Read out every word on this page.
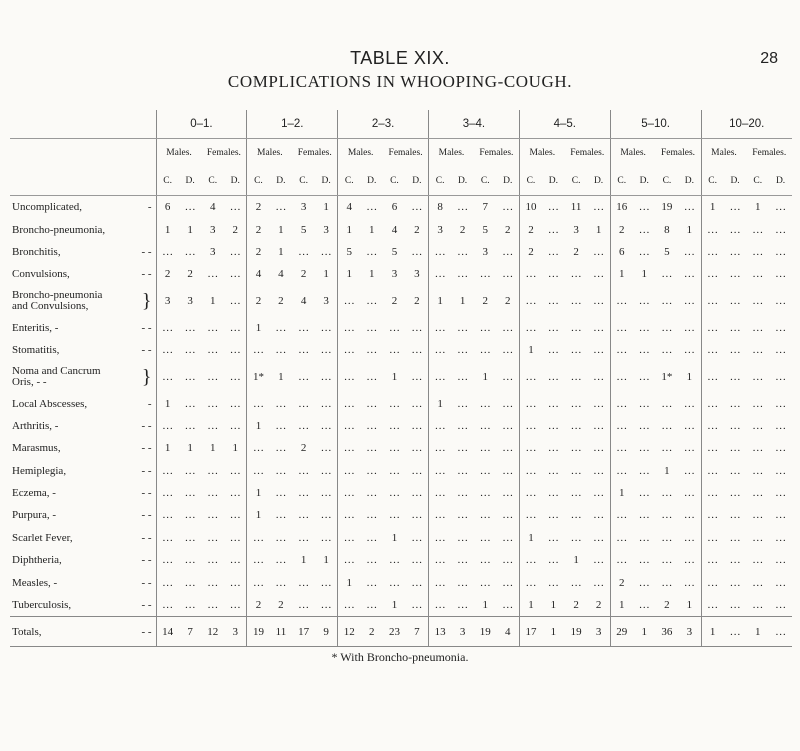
TABLE XIX.	28
COMPLICATIONS IN WHOOPING-COUGH.
	0–1.				1–2.				2–3.				3–4.				4–5.				5–10.				10–20.			
	Males.		Females.		Males.		Females.		Males.		Females.		Males.		Females.		Males.		Females.		Males.		Females.		Males.		Females.	
	C.	D.	C.	D.	C.	D.	C.	D.	C.	D.	C.	D.	C.	D.	C.	D.	C.	D.	C.	D.	C.	D.	C.	D.	C.	D.	C.	D.

Uncomplicated, -	6	…	4	…	2	…	3	1	4	…	6	…	8	…	7	…	10	…	11	…	16	…	19	…	1	…	1	…

Broncho-pneumonia,	1	1	3	2	2	1	5	3	1	1	4	2	3	2	5	2	2	…	3	1	2	…	8	1	…	…	…	…

Bronchitis, - -	…	…	3	…	2	1	…	…	5	…	5	…	…	…	3	…	2	…	2	…	6	…	5	…	…	…	…	…

Convulsions, - -	2	2	…	…	4	4	2	1	1	1	3	3	…	…	…	…	…	…	…	…	1	1	…	…	…	…	…	…

Broncho-pneumonia
and Convulsions, }	3	3	1	…	2	2	4	3	…	…	2	2	1	1	2	2	…	…	…	…	…	…	…	…	…	…	…	…

Enteritis, - - -	…	…	…	…	1	…	…	…	…	…	…	…	…	…	…	…	…	…	…	…	…	…	…	…	…	…	…	…

Stomatitis, - -	…	…	…	…	…	…	…	…	…	…	…	…	…	…	…	…	1	…	…	…	…	…	…	…	…	…	…	…

Noma and Cancrum
Oris, - - }	…	…	…	…	1*	1	…	…	…	…	1	…	…	…	1	…	…	…	…	…	…	…	1*	1	…	…	…	…

Local Abscesses, -	1	…	…	…	…	…	…	…	…	…	…	…	1	…	…	…	…	…	…	…	…	…	…	…	…	…	…	…

Arthritis, - - -	…	…	…	…	1	…	…	…	…	…	…	…	…	…	…	…	…	…	…	…	…	…	…	…	…	…	…	…

Marasmus, - -	1	1	1	1	…	…	2	…	…	…	…	…	…	…	…	…	…	…	…	…	…	…	…	…	…	…	…	…

Hemiplegia, - -	…	…	…	…	…	…	…	…	…	…	…	…	…	…	…	…	…	…	…	…	…	…	1	…	…	…	…	…

Eczema, - - -	…	…	…	…	1	…	…	…	…	…	…	…	…	…	…	…	…	…	…	…	1	…	…	…	…	…	…	…

Purpura, - - -	…	…	…	…	1	…	…	…	…	…	…	…	…	…	…	…	…	…	…	…	…	…	…	…	…	…	…	…

Scarlet Fever, - -	…	…	…	…	…	…	…	…	…	…	1	…	…	…	…	…	1	…	…	…	…	…	…	…	…	…	…	…

Diphtheria, - -	…	…	…	…	…	…	1	1	…	…	…	…	…	…	…	…	…	…	1	…	…	…	…	…	…	…	…	…

Measles, - - -	…	…	…	…	…	…	…	…	1	…	…	…	…	…	…	…	…	…	…	…	2	…	…	…	…	…	…	…

Tuberculosis, - -	…	…	…	…	2	2	…	…	…	…	1	…	…	…	1	…	1	1	2	2	1	…	2	1	…	…	…	…

Totals, - -	14	7	12	3	19	11	17	9	12	2	23	7	13	3	19	4	17	1	19	3	29	1	36	3	1	…	1	…
* With Broncho-pneumonia.
